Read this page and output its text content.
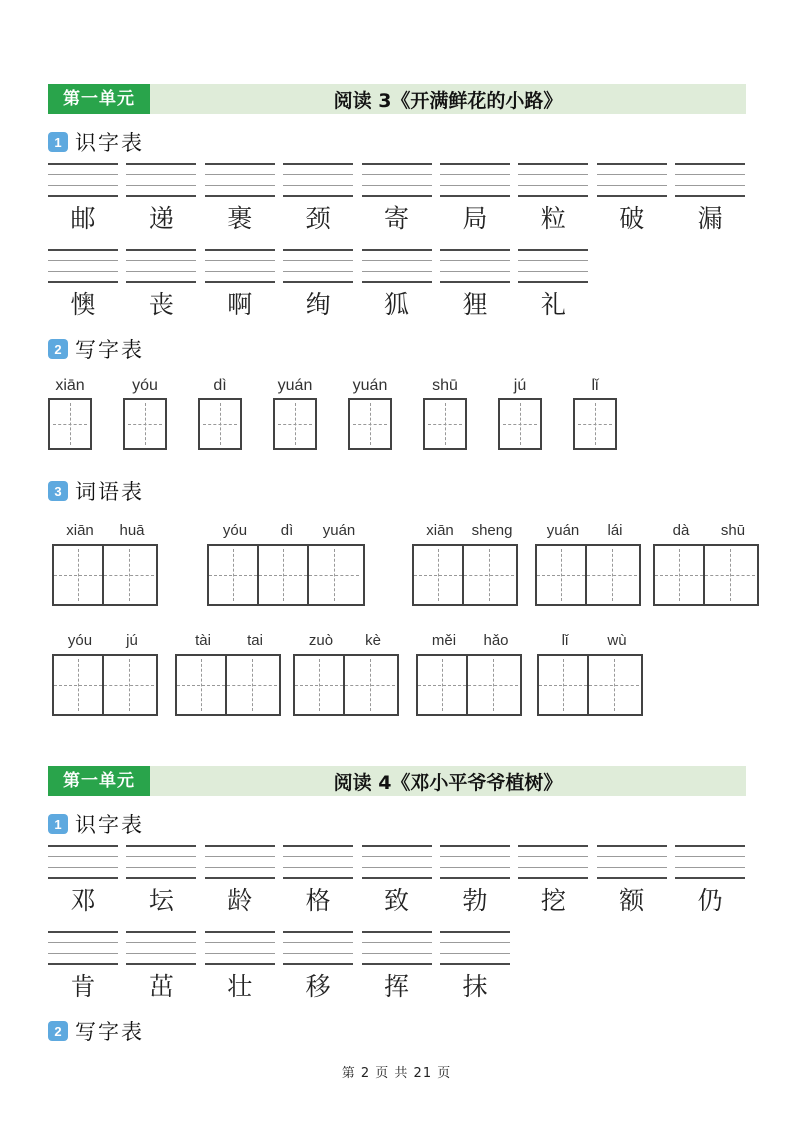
第一单元	阅读 3《开满鲜花的小路》
1 识字表
邮 递 裹 颈 寄 局 粒 破 漏
懊 丧 啊 绚 狐 狸 礼
2 写字表
xiān	yóu	dì	yuán	yuán	shū	jú	lǐ
3 词语表
xiān	huā	yóu	dì	yuán	xiān	sheng	yuán	lái	dà	shū
yóu	jú	tài	tai	zuò	kè	měi	hǎo	lǐ	wù
第一单元	阅读 4《邓小平爷爷植树》
1 识字表
邓 坛 龄 格 致 勃 挖 额 仍
肯 茁 壮 移 挥 抹
2 写字表
第 2 页 共 21 页
